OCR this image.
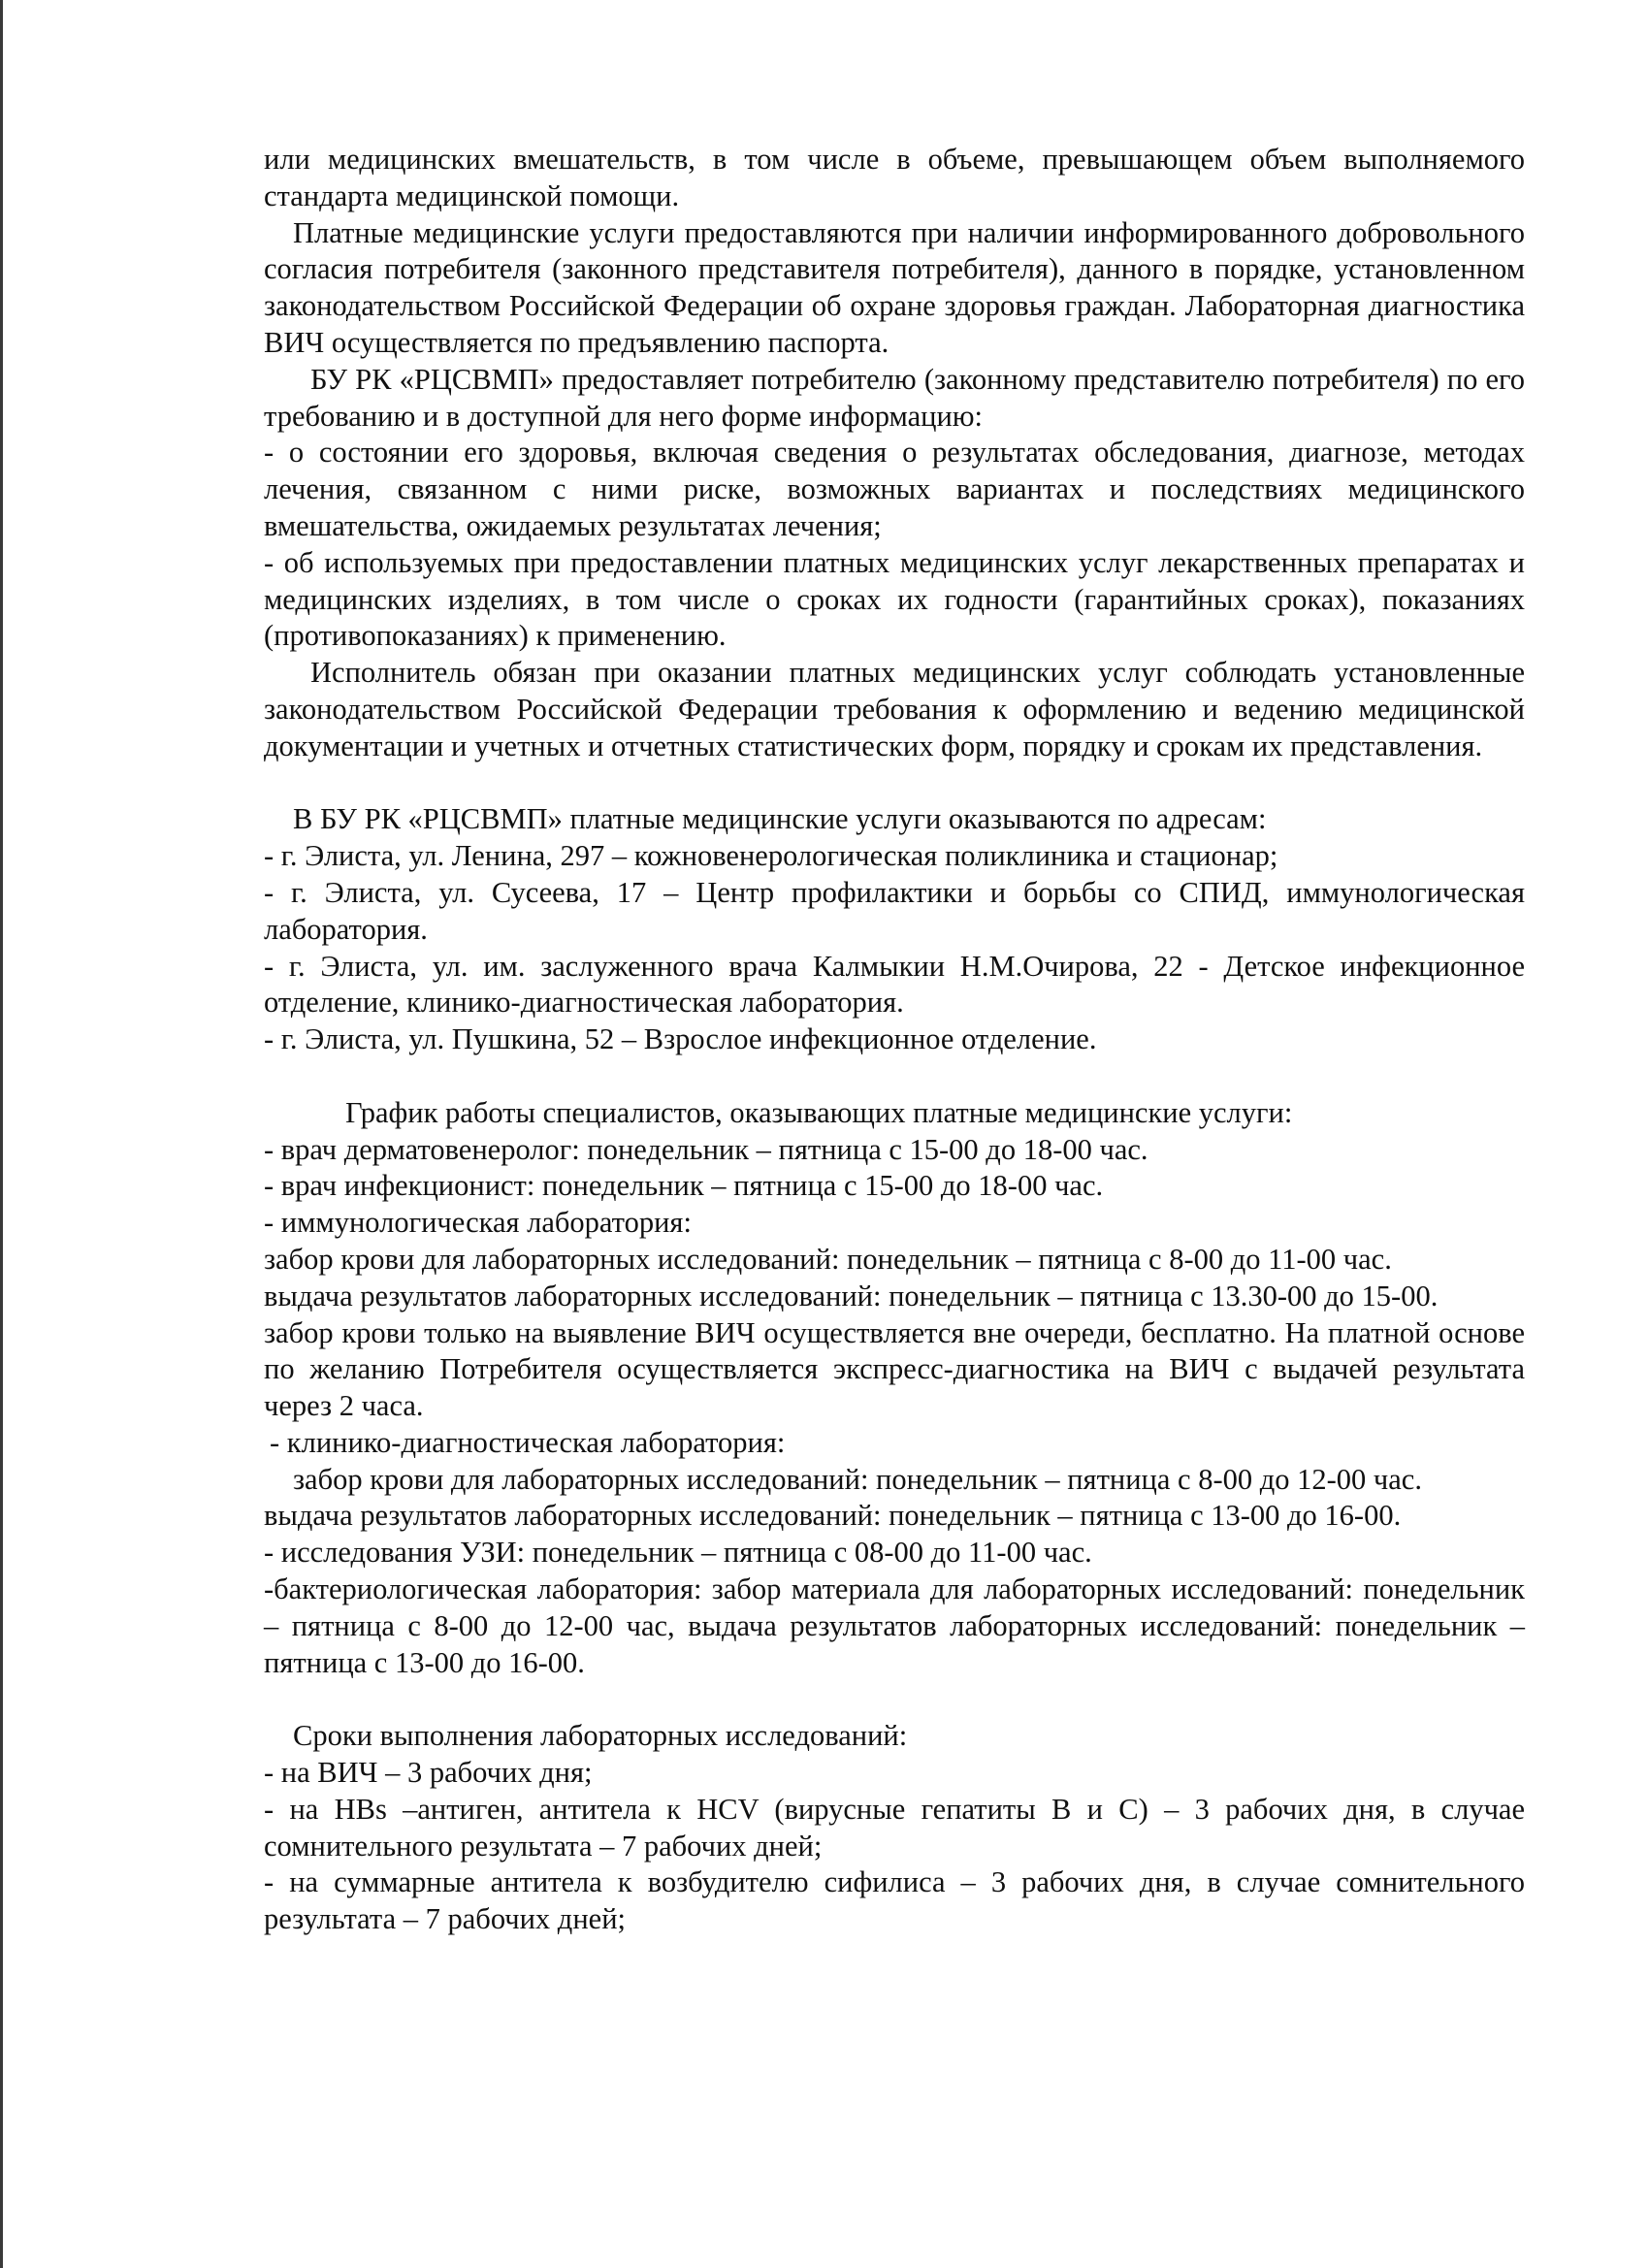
или медицинских вмешательств, в том числе в объеме, превышающем объем выполняемого стандарта медицинской помощи.

Платные медицинские услуги предоставляются при наличии информированного добровольного согласия потребителя (законного представителя потребителя), данного в порядке, установленном законодательством Российской Федерации об охране здоровья граждан. Лабораторная диагностика ВИЧ осуществляется по предъявлению паспорта.

БУ РК «РЦСВМП» предоставляет потребителю (законному представителю потребителя) по его требованию и в доступной для него форме информацию:

- о состоянии его здоровья, включая сведения о результатах обследования, диагнозе, методах лечения, связанном с ними риске, возможных вариантах и последствиях медицинского вмешательства, ожидаемых результатах лечения;

- об используемых при предоставлении платных медицинских услуг лекарственных препаратах и медицинских изделиях, в том числе о сроках их годности (гарантийных сроках), показаниях (противопоказаниях) к применению.

Исполнитель обязан при оказании платных медицинских услуг соблюдать установленные законодательством Российской Федерации требования к оформлению и ведению медицинской документации и учетных и отчетных статистических форм, порядку и срокам их представления.

В БУ РК «РЦСВМП» платные медицинские услуги оказываются по адресам:

- г. Элиста, ул. Ленина, 297 – кожновенерологическая поликлиника и стационар;

- г. Элиста, ул. Сусеева, 17 – Центр профилактики и борьбы со СПИД, иммунологическая лаборатория.

- г. Элиста, ул. им. заслуженного врача Калмыкии Н.М.Очирова, 22 - Детское инфекционное отделение, клинико-диагностическая лаборатория.

- г. Элиста, ул. Пушкина, 52 – Взрослое инфекционное отделение.

График работы специалистов, оказывающих платные медицинские услуги:

- врач дерматовенеролог: понедельник – пятница с 15-00 до 18-00 час.

- врач инфекционист: понедельник – пятница с 15-00 до 18-00 час.

- иммунологическая лаборатория:

забор крови для лабораторных исследований: понедельник – пятница с 8-00 до 11-00 час.

выдача результатов лабораторных исследований: понедельник – пятница с 13.30-00 до 15-00.

забор крови только на выявление ВИЧ осуществляется вне очереди, бесплатно. На платной основе по желанию Потребителя осуществляется экспресс-диагностика на ВИЧ с выдачей результата через 2 часа.

- клинико-диагностическая лаборатория:

забор крови для лабораторных исследований: понедельник – пятница с 8-00 до 12-00 час.

выдача результатов лабораторных исследований: понедельник – пятница с 13-00 до 16-00.

- исследования УЗИ: понедельник – пятница с 08-00 до 11-00 час.

-бактериологическая лаборатория: забор материала для лабораторных исследований: понедельник – пятница с 8-00 до 12-00 час, выдача результатов лабораторных исследований: понедельник – пятница с 13-00 до 16-00.

Сроки выполнения лабораторных исследований:

- на ВИЧ – 3 рабочих дня;

- на HBs –антиген, антитела к HCV (вирусные гепатиты В и С) – 3 рабочих дня, в случае сомнительного результата – 7 рабочих дней;

- на суммарные антитела к возбудителю сифилиса – 3 рабочих дня, в случае сомнительного результата – 7 рабочих дней;
